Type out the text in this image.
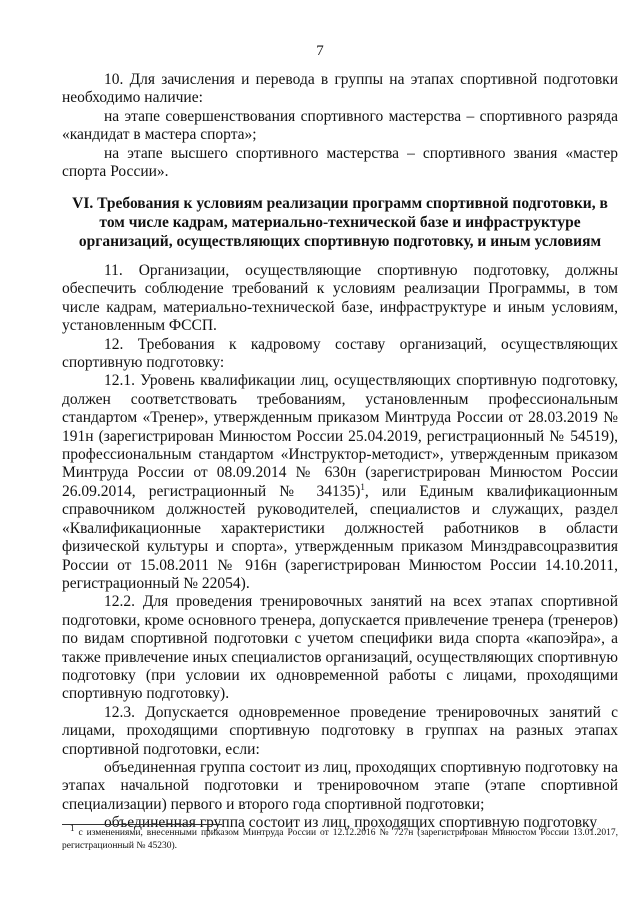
7

10. Для зачисления и перевода в группы на этапах спортивной подготовки необходимо наличие:

на этапе совершенствования спортивного мастерства – спортивного разряда «кандидат в мастера спорта»;

на этапе высшего спортивного мастерства – спортивного звания «мастер спорта России».

VI. Требования к условиям реализации программ спортивной подготовки, в том числе кадрам, материально-технической базе и инфраструктуре организаций, осуществляющих спортивную подготовку, и иным условиям

11. Организации, осуществляющие спортивную подготовку, должны обеспечить соблюдение требований к условиям реализации Программы, в том числе кадрам, материально-технической базе, инфраструктуре и иным условиям, установленным ФССП.

12. Требования к кадровому составу организаций, осуществляющих спортивную подготовку:

12.1. Уровень квалификации лиц, осуществляющих спортивную подготовку, должен соответствовать требованиям, установленным профессиональным стандартом «Тренер», утвержденным приказом Минтруда России от 28.03.2019 № 191н (зарегистрирован Минюстом России 25.04.2019, регистрационный № 54519), профессиональным стандартом «Инструктор-методист», утвержденным приказом Минтруда России от 08.09.2014 № 630н (зарегистрирован Минюстом России 26.09.2014, регистрационный № 34135)$^1$, или Единым квалификационным справочником должностей руководителей, специалистов и служащих, раздел «Квалификационные характеристики должностей работников в области физической культуры и спорта», утвержденным приказом Минздравсоцразвития России от 15.08.2011 № 916н (зарегистрирован Минюстом России 14.10.2011, регистрационный № 22054).

12.2. Для проведения тренировочных занятий на всех этапах спортивной подготовки, кроме основного тренера, допускается привлечение тренера (тренеров) по видам спортивной подготовки с учетом специфики вида спорта «капоэйра», а также привлечение иных специалистов организаций, осуществляющих спортивную подготовку (при условии их одновременной работы с лицами, проходящими спортивную подготовку).

12.3. Допускается одновременное проведение тренировочных занятий с лицами, проходящими спортивную подготовку в группах на разных этапах спортивной подготовки, если:

объединенная группа состоит из лиц, проходящих спортивную подготовку на этапах начальной подготовки и тренировочном этапе (этапе спортивной специализации) первого и второго года спортивной подготовки;

объединенная группа состоит из лиц, проходящих спортивную подготовку

$^1$ с изменениями, внесенными приказом Минтруда России от 12.12.2016 № 727н (зарегистрирован Минюстом России 13.01.2017, регистрационный № 45230).
